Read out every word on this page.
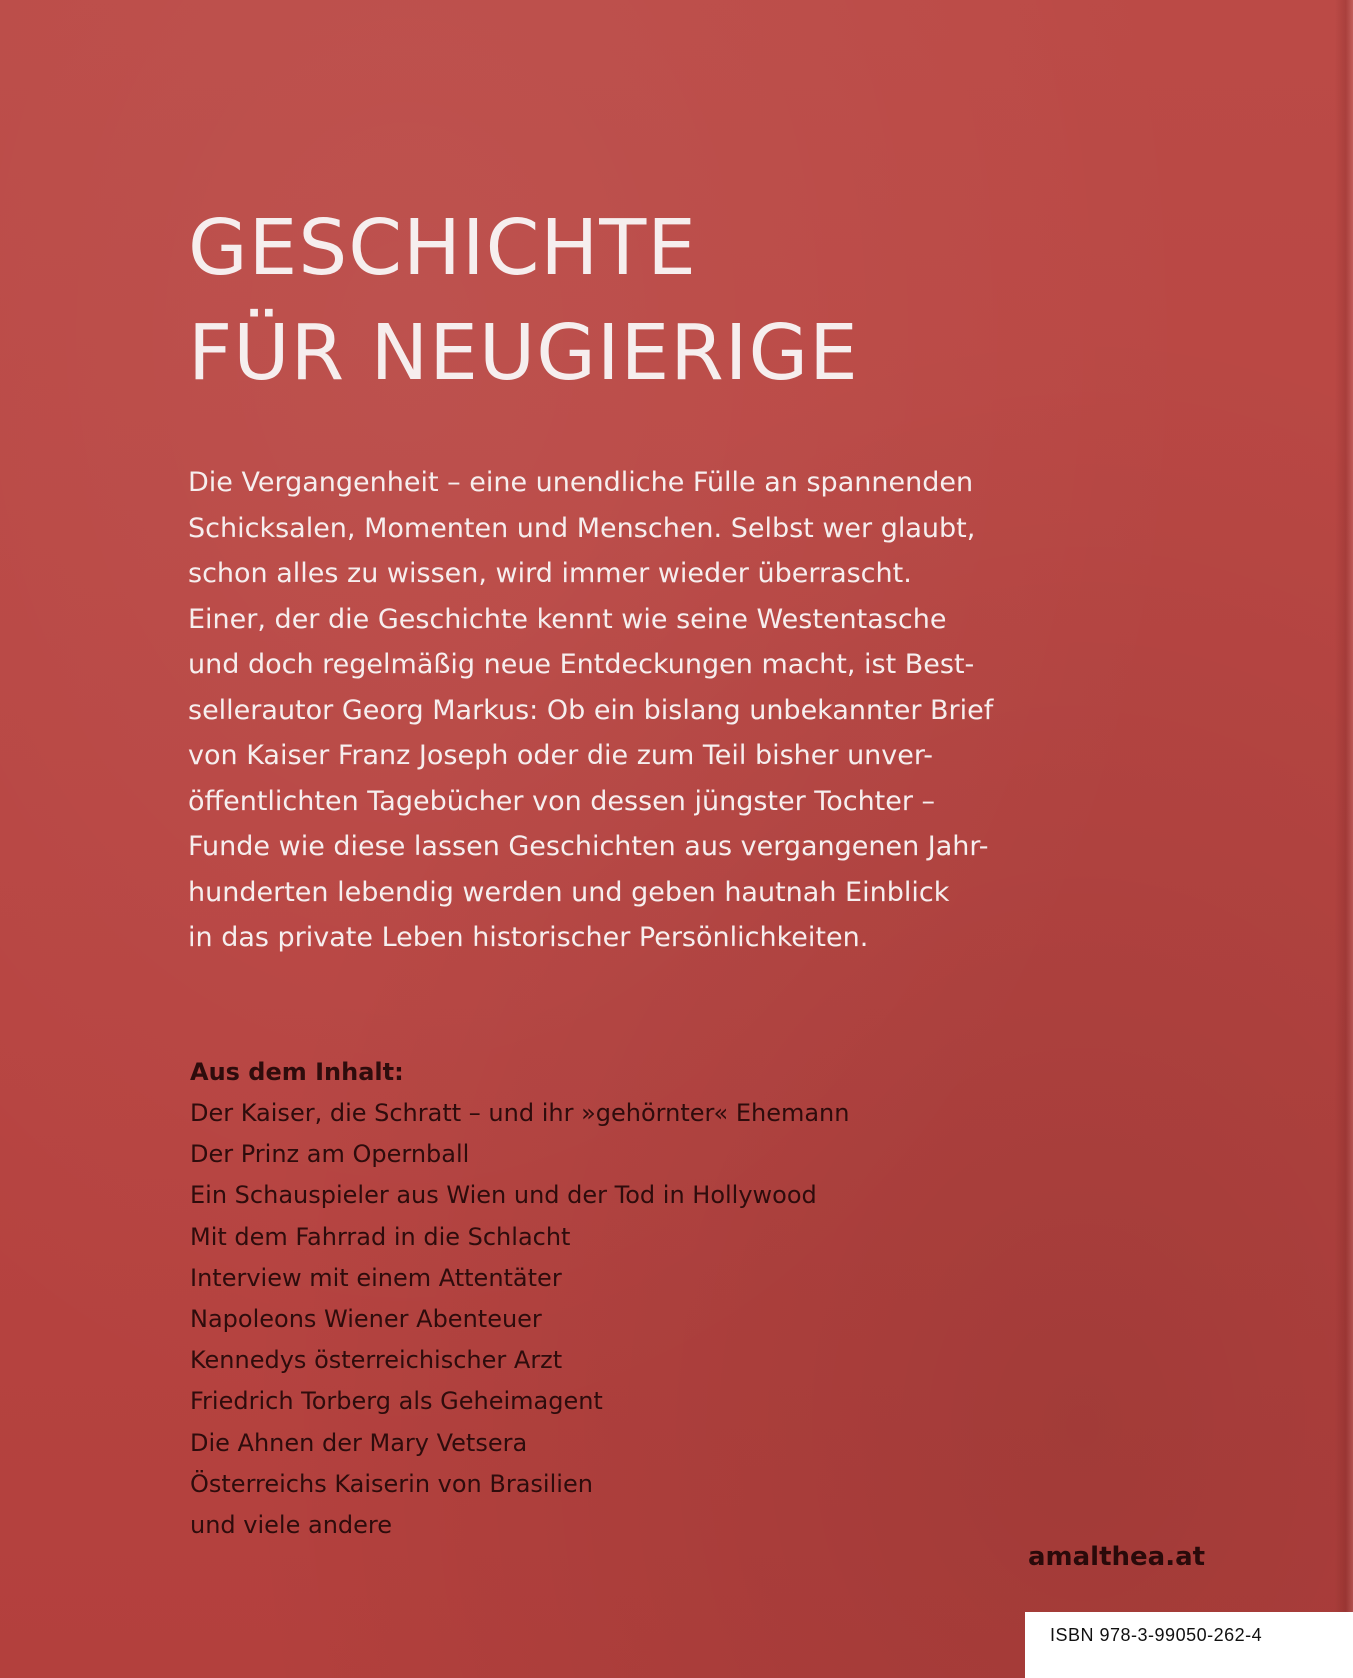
GESCHICHTE
FÜR NEUGIERIGE

Die Vergangenheit – eine unendliche Fülle an spannenden
Schicksalen, Momenten und Menschen. Selbst wer glaubt,
schon alles zu wissen, wird immer wieder überrascht.
Einer, der die Geschichte kennt wie seine Westentasche
und doch regelmäßig neue Entdeckungen macht, ist Best-
sellerautor Georg Markus: Ob ein bislang unbekannter Brief
von Kaiser Franz Joseph oder die zum Teil bisher unver-
öffentlichten Tagebücher von dessen jüngster Tochter –
Funde wie diese lassen Geschichten aus vergangenen Jahr-
hunderten lebendig werden und geben hautnah Einblick
in das private Leben historischer Persönlichkeiten.

Aus dem Inhalt:
Der Kaiser, die Schratt – und ihr »gehörnter« Ehemann
Der Prinz am Opernball
Ein Schauspieler aus Wien und der Tod in Hollywood
Mit dem Fahrrad in die Schlacht
Interview mit einem Attentäter
Napoleons Wiener Abenteuer
Kennedys österreichischer Arzt
Friedrich Torberg als Geheimagent
Die Ahnen der Mary Vetsera
Österreichs Kaiserin von Brasilien
und viele andere
amalthea.at
ISBN 978-3-99050-262-4
